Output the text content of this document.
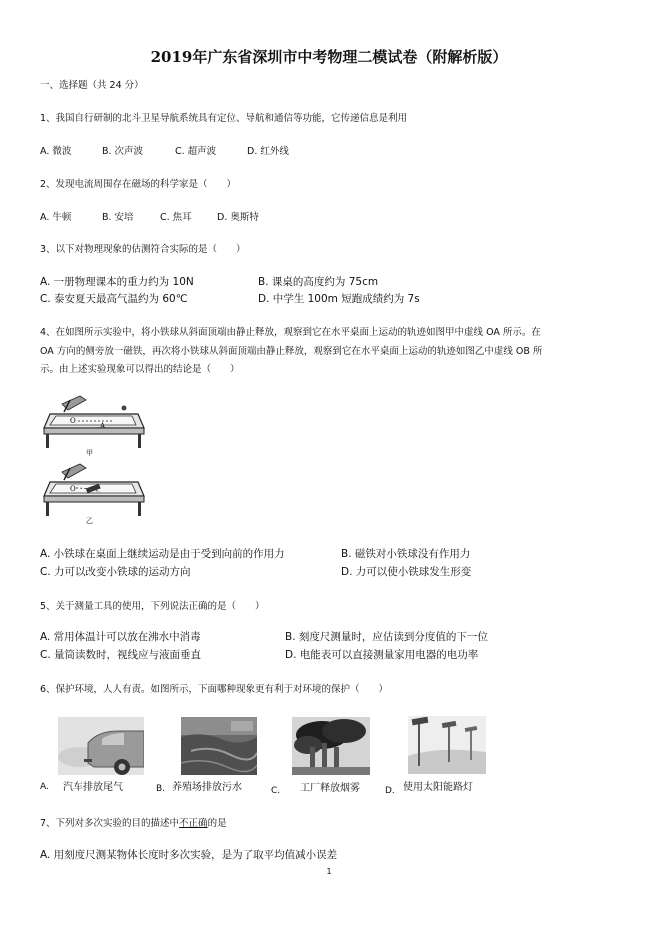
2019年广东省深圳市中考物理二模试卷（附解析版）
一、选择题（共 24 分）
1、我国自行研制的北斗卫星导航系统具有定位、导航和通信等功能，它传递信息是利用
A. 微波	B. 次声波	C. 超声波	D. 红外线
2、发现电流周围存在磁场的科学家是（　　）
A. 牛顿	B. 安培	C. 焦耳	D. 奥斯特
3、以下对物理现象的估测符合实际的是（　　）
A. 一册物理课本的重力约为 10N	B. 课桌的高度约为 75cm
C. 泰安夏天最高气温约为 60℃	D. 中学生 100m 短跑成绩约为 7s
4、在如图所示实验中，将小铁球从斜面顶端由静止释放，观察到它在水平桌面上运动的轨迹如图甲中虚线 OA 所示。在
OA 方向的侧旁放一磁铁，再次将小铁球从斜面顶端由静止释放，观察到它在水平桌面上运动的轨迹如图乙中虚线 OB 所
示。由上述实验现象可以得出的结论是（　　）
O
A
甲
O
乙
A. 小铁球在桌面上继续运动是由于受到向前的作用力	B. 磁铁对小铁球没有作用力
C. 力可以改变小铁球的运动方向	D. 力可以使小铁球发生形变
5、关于测量工具的使用，下列说法正确的是（　　）
A. 常用体温计可以放在沸水中消毒	B. 刻度尺测量时，应估读到分度值的下一位
C. 量筒读数时，视线应与液面垂直	D. 电能表可以直接测量家用电器的电功率
6、保护环境，人人有责。如图所示，下面哪种现象更有利于对环境的保护（　　）
A. 汽车排放尾气	B. 养殖场排放污水	C. 工厂释放烟雾	D. 使用太阳能路灯
7、下列对多次实验的目的描述中不正确的是
A. 用刻度尺测某物体长度时多次实验，是为了取平均值减小误差
1
